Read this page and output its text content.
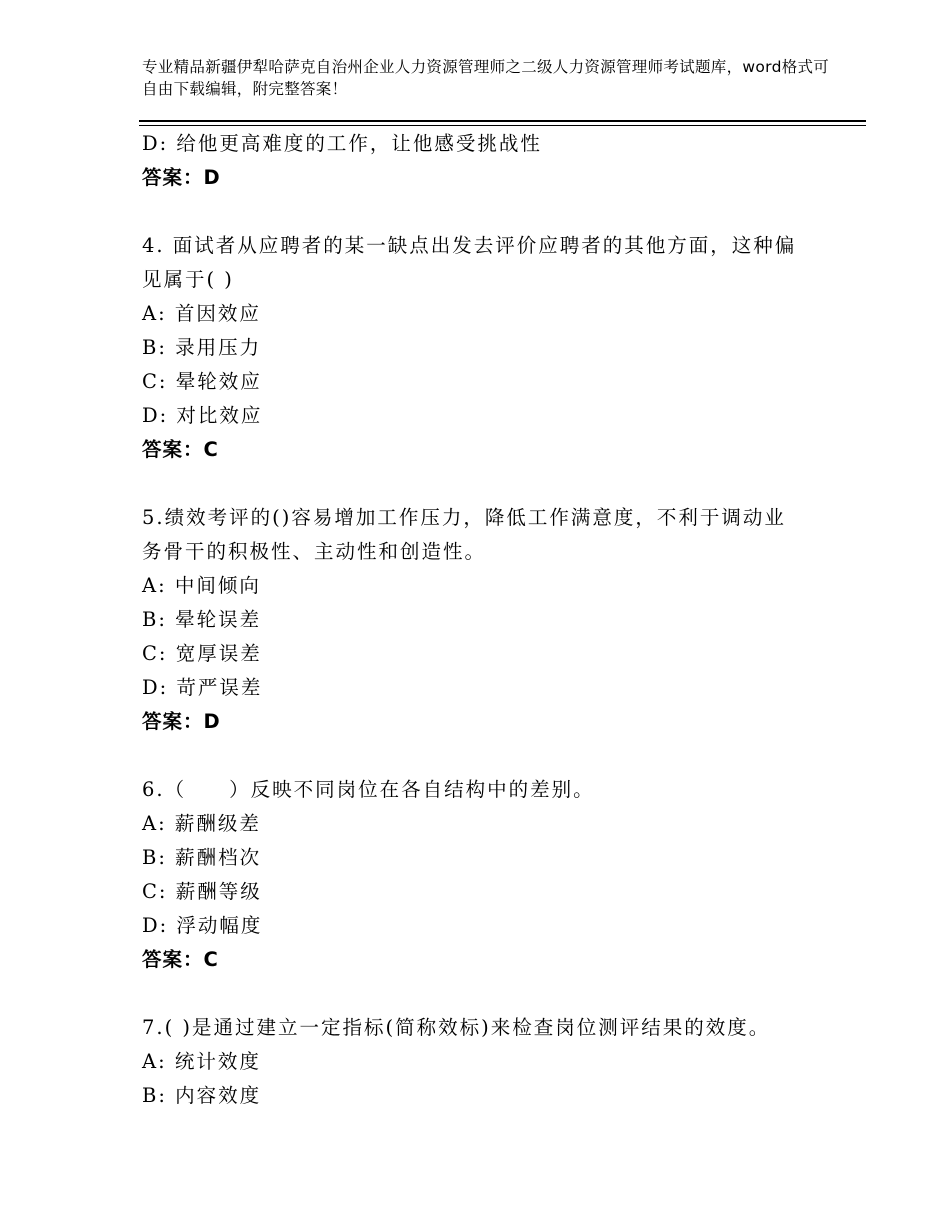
专业精品新疆伊犁哈萨克自治州企业人力资源管理师之二级人力资源管理师考试题库，word格式可自由下载编辑，附完整答案！
D: 给他更高难度的工作，让他感受挑战性
答案：D
4. 面试者从应聘者的某一缺点出发去评价应聘者的其他方面，这种偏
见属于( )
A: 首因效应
B: 录用压力
C: 晕轮效应
D: 对比效应
答案：C
5.绩效考评的()容易增加工作压力，降低工作满意度，不利于调动业
务骨干的积极性、主动性和创造性。
A: 中间倾向
B: 晕轮误差
C: 宽厚误差
D: 苛严误差
答案：D
6.（　　）反映不同岗位在各自结构中的差别。
A: 薪酬级差
B: 薪酬档次
C: 薪酬等级
D: 浮动幅度
答案：C
7.( )是通过建立一定指标(简称效标)来检查岗位测评结果的效度。
A: 统计效度
B: 内容效度
